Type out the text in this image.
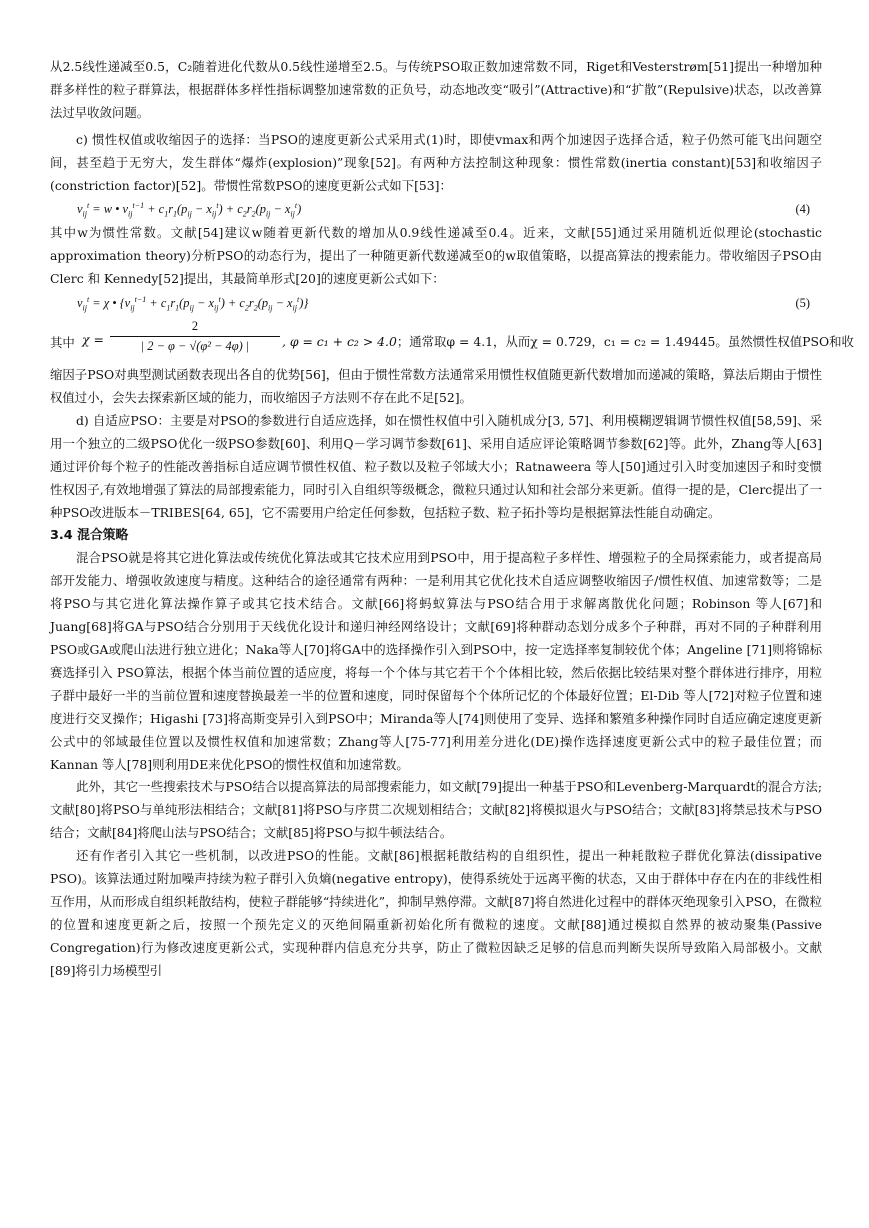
从2.5线性递减至0.5，C₂随着进化代数从0.5线性递增至2.5。与传统PSO取正数加速常数不同，Riget和Vesterstrøm[51]提出一种增加种群多样性的粒子群算法，根据群体多样性指标调整加速常数的正负号，动态地改变“吸引”(Attractive)和“扩散”(Repulsive)状态，以改善算法过早收敛问题。

c) 惯性权值或收缩因子的选择：当PSO的速度更新公式采用式(1)时，即使vmax和两个加速因子选择合适，粒子仍然可能飞出问题空间，甚至趋于无穷大，发生群体“爆炸(explosion)”现象[52]。有两种方法控制这种现象：惯性常数(inertia constant)[53]和收缩因子(constriction factor)[52]。带惯性常数PSO的速度更新公式如下[53]：

$v_{ij}^t = w$ • $v_{ij}^{t-1} + c_1r_1(p_{ij} - x_{ij}^t) + c_2r_2(p_{ij} - x_{ij}^t)$	(4)

其中w为惯性常数。文献[54]建议w随着更新代数的增加从0.9线性递减至0.4。近来，文献[55]通过采用随机近似理论(stochastic approximation theory)分析PSO的动态行为，提出了一种随更新代数递减至0的w取值策略，以提高算法的搜索能力。带收缩因子PSO由Clerc 和 Kennedy[52]提出，其最简单形式[20]的速度更新公式如下：

$v_{ij}^t = \chi$ • $\{v_{ij}^{t-1} + c_1r_1(p_{ij} - x_{ij}^t) + c_2r_2(p_{ij} - x_{ij}^t)\}$	(5)
其中 $\chi = \frac{2}{\text{| 2 − φ − √(φ² − 4φ) |}}$ , φ = c₁ + c₂ > 4.0；通常取φ = 4.1，从而χ = 0.729，c₁ = c₂ = 1.49445。虽然惯性权值PSO和收

缩因子PSO对典型测试函数表现出各自的优势[56]，但由于惯性常数方法通常采用惯性权值随更新代数增加而递减的策略，算法后期由于惯性权值过小，会失去探索新区域的能力，而收缩因子方法则不存在此不足[52]。

d) 自适应PSO：主要是对PSO的参数进行自适应选择，如在惯性权值中引入随机成分[3, 57]、利用模糊逻辑调节惯性权值[58,59]、采用一个独立的二级PSO优化一级PSO参数[60]、利用Q－学习调节参数[61]、采用自适应评论策略调节参数[62]等。此外，Zhang等人[63]通过评价每个粒子的性能改善指标自适应调节惯性权值、粒子数以及粒子邻域大小；Ratnaweera 等人[50]通过引入时变加速因子和时变惯性权因子,有效地增强了算法的局部搜索能力，同时引入自组织等级概念，微粒只通过认知和社会部分来更新。值得一提的是，Clerc提出了一种PSO改进版本－TRIBES[64, 65]，它不需要用户给定任何参数，包括粒子数、粒子拓扑等均是根据算法性能自动确定。

3.4 混合策略

混合PSO就是将其它进化算法或传统优化算法或其它技术应用到PSO中，用于提高粒子多样性、增强粒子的全局探索能力，或者提高局部开发能力、增强收敛速度与精度。这种结合的途径通常有两种：一是利用其它优化技术自适应调整收缩因子/惯性权值、加速常数等；二是将PSO与其它进化算法操作算子或其它技术结合。文献[66]将蚂蚁算法与PSO结合用于求解离散优化问题；Robinson 等人[67]和Juang[68]将GA与PSO结合分别用于天线优化设计和递归神经网络设计；文献[69]将种群动态划分成多个子种群，再对不同的子种群利用PSO或GA或爬山法进行独立进化；Naka等人[70]将GA中的选择操作引入到PSO中，按一定选择率复制较优个体；Angeline [71]则将锦标赛选择引入 PSO算法，根据个体当前位置的适应度，将每一个个体与其它若干个个体相比较，然后依据比较结果对整个群体进行排序，用粒子群中最好一半的当前位置和速度替换最差一半的位置和速度，同时保留每个个体所记忆的个体最好位置；El-Dib 等人[72]对粒子位置和速度进行交叉操作；Higashi [73]将高斯变异引入到PSO中；Miranda等人[74]则使用了变异、选择和繁殖多种操作同时自适应确定速度更新公式中的邻域最佳位置以及惯性权值和加速常数；Zhang等人[75-77]利用差分进化(DE)操作选择速度更新公式中的粒子最佳位置；而Kannan 等人[78]则利用DE来优化PSO的惯性权值和加速常数。

此外，其它一些搜索技术与PSO结合以提高算法的局部搜索能力，如文献[79]提出一种基于PSO和Levenberg-Marquardt的混合方法;文献[80]将PSO与单纯形法相结合；文献[81]将PSO与序贯二次规划相结合；文献[82]将模拟退火与PSO结合；文献[83]将禁忌技术与PSO结合；文献[84]将爬山法与PSO结合；文献[85]将PSO与拟牛顿法结合。

还有作者引入其它一些机制，以改进PSO的性能。文献[86]根据耗散结构的自组织性，提出一种耗散粒子群优化算法(dissipative PSO)。该算法通过附加噪声持续为粒子群引入负熵(negative entropy)，使得系统处于远离平衡的状态，又由于群体中存在内在的非线性相互作用，从而形成自组织耗散结构，使粒子群能够“持续进化”，抑制早熟停滞。文献[87]将自然进化过程中的群体灭绝现象引入PSO，在微粒的位置和速度更新之后，按照一个预先定义的灭绝间隔重新初始化所有微粒的速度。文献[88]通过模拟自然界的被动聚集(Passive Congregation)行为修改速度更新公式，实现种群内信息充分共享，防止了微粒因缺乏足够的信息而判断失误所导致陷入局部极小。文献[89]将引力场模型引
